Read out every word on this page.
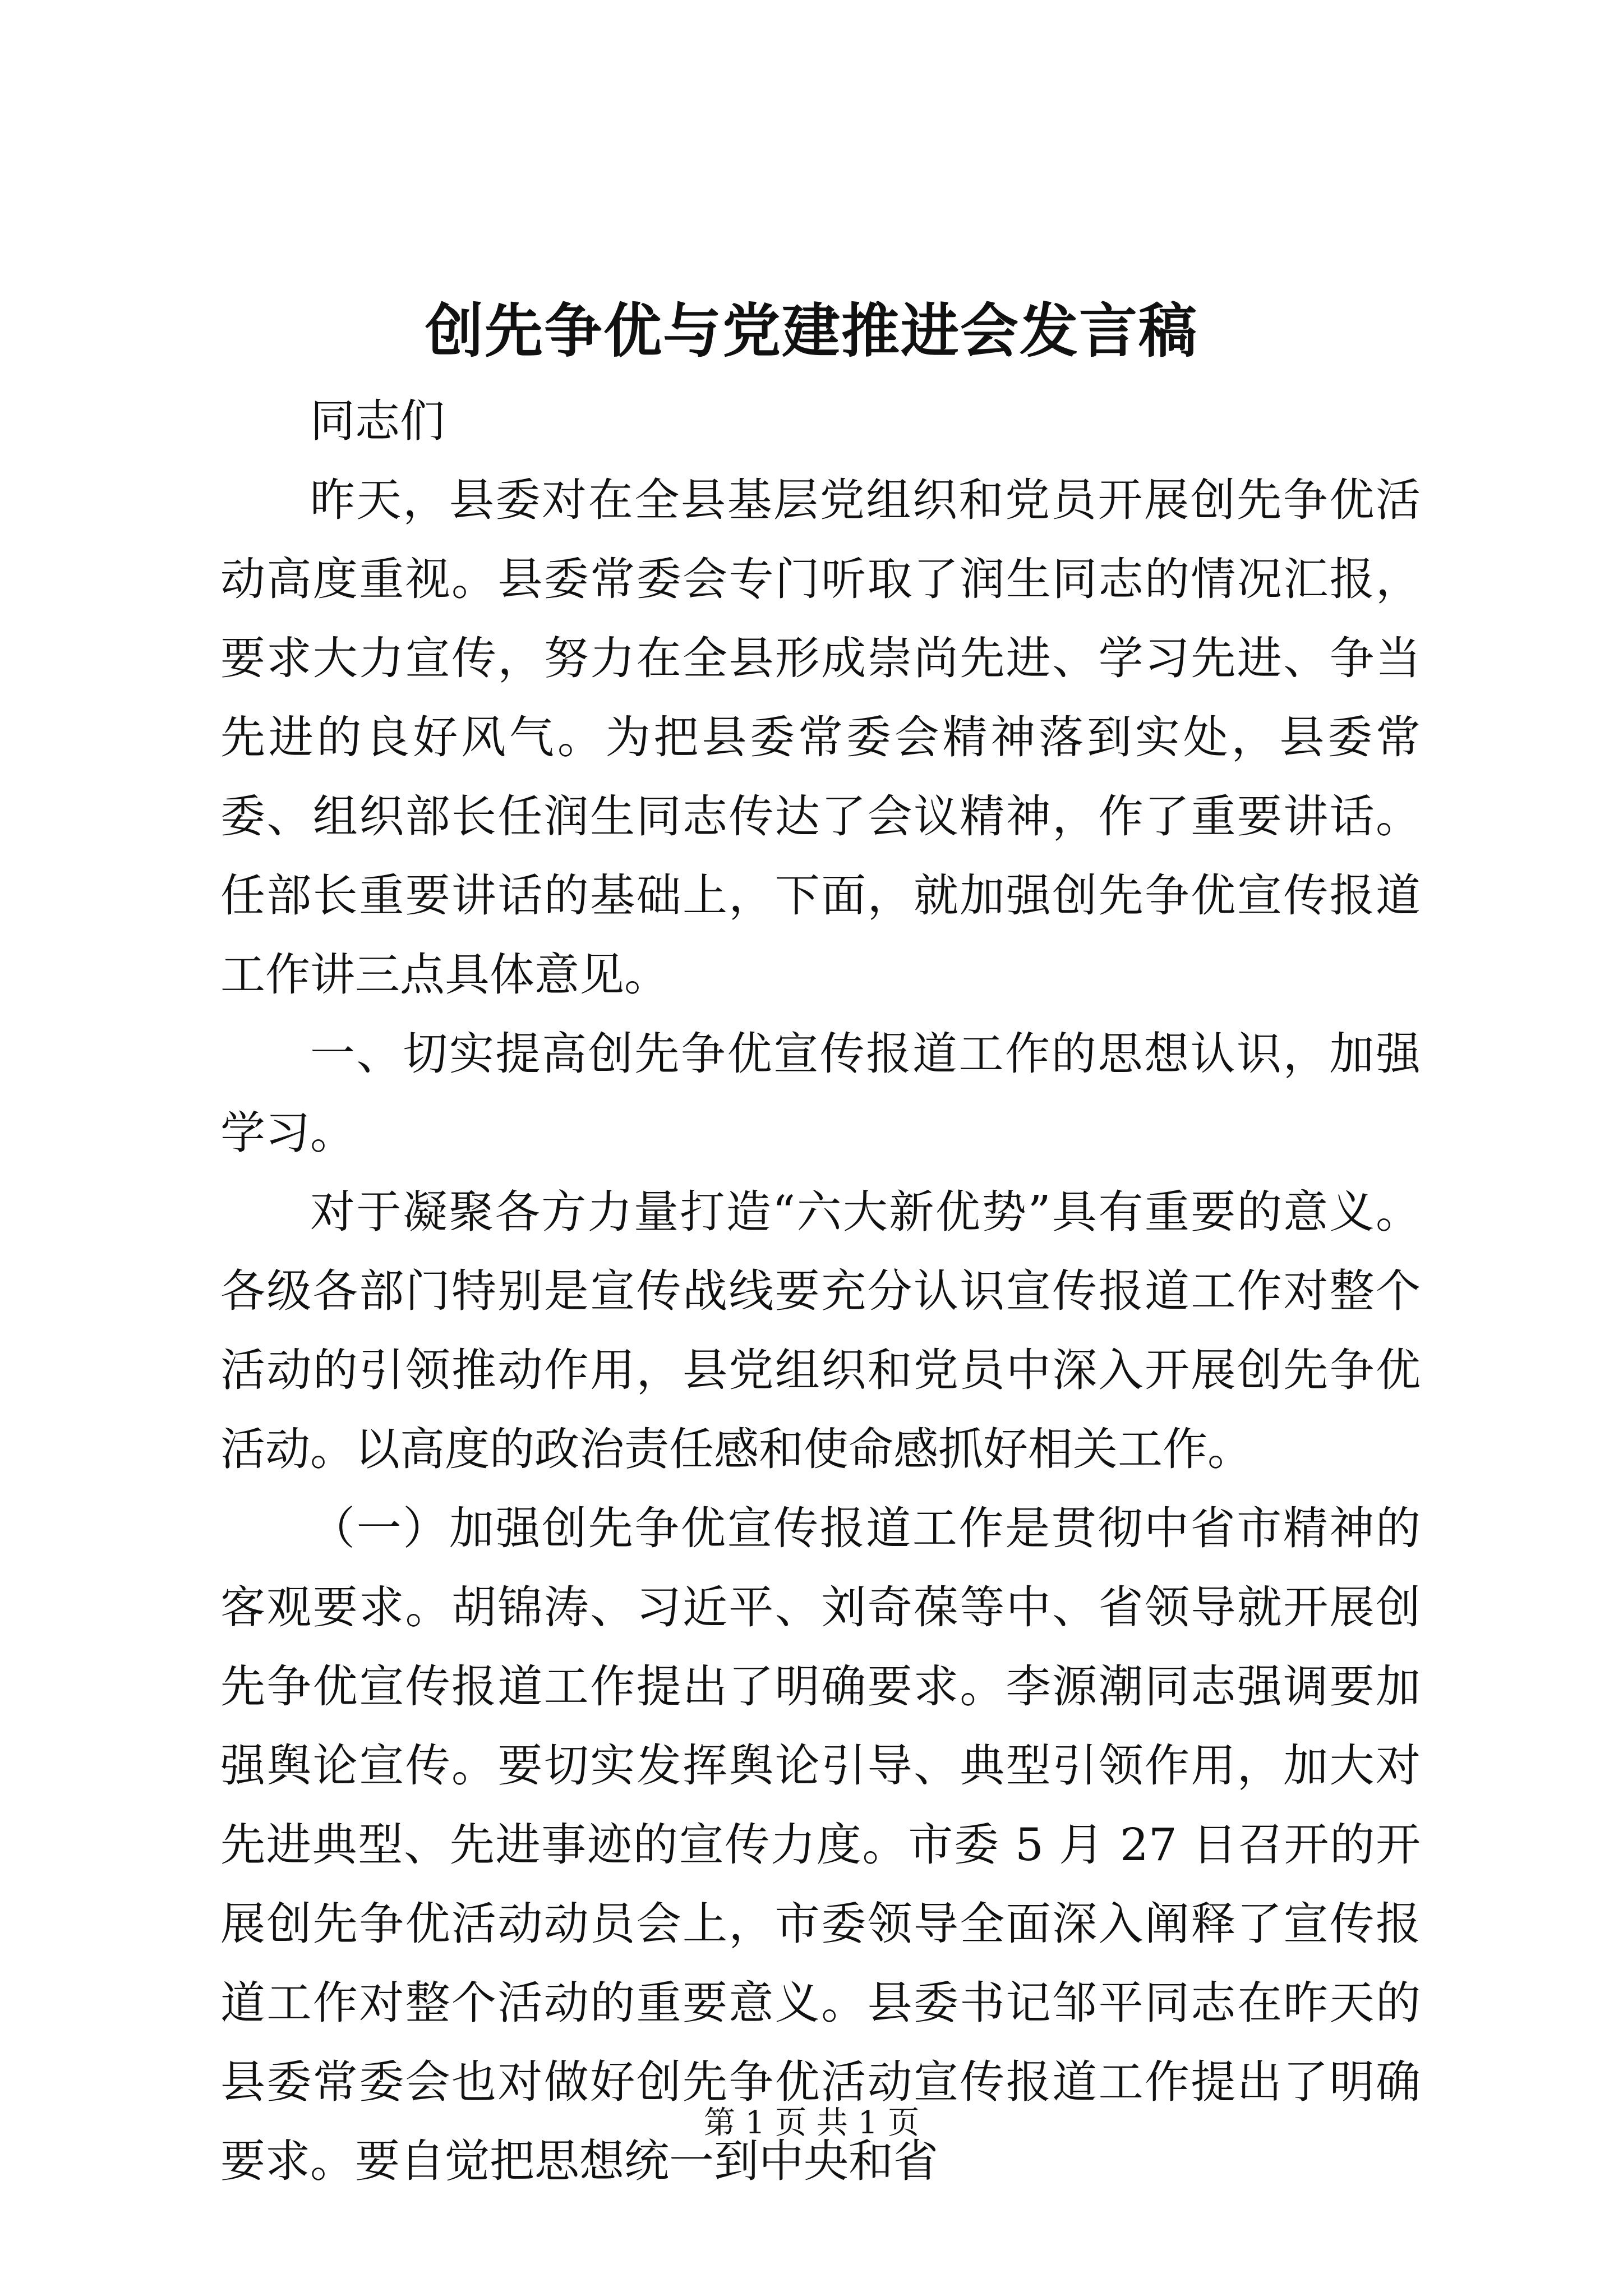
创先争优与党建推进会发言稿

同志们

昨天，县委对在全县基层党组织和党员开展创先争优活动高度重视。县委常委会专门听取了润生同志的情况汇报，要求大力宣传，努力在全县形成崇尚先进、学习先进、争当先进的良好风气。为把县委常委会精神落到实处，县委常委、组织部长任润生同志传达了会议精神，作了重要讲话。任部长重要讲话的基础上，下面，就加强创先争优宣传报道工作讲三点具体意见。

一、切实提高创先争优宣传报道工作的思想认识，加强学习。

对于凝聚各方力量打造“六大新优势”具有重要的意义。各级各部门特别是宣传战线要充分认识宣传报道工作对整个活动的引领推动作用，县党组织和党员中深入开展创先争优活动。以高度的政治责任感和使命感抓好相关工作。

（一）加强创先争优宣传报道工作是贯彻中省市精神的客观要求。胡锦涛、习近平、刘奇葆等中、省领导就开展创先争优宣传报道工作提出了明确要求。李源潮同志强调要加强舆论宣传。要切实发挥舆论引导、典型引领作用，加大对先进典型、先进事迹的宣传力度。市委 5 月 27 日召开的开展创先争优活动动员会上，市委领导全面深入阐释了宣传报道工作对整个活动的重要意义。县委书记邹平同志在昨天的县委常委会也对做好创先争优活动宣传报道工作提出了明确要求。要自觉把思想统一到中央和省

第 1 页 共 1 页
